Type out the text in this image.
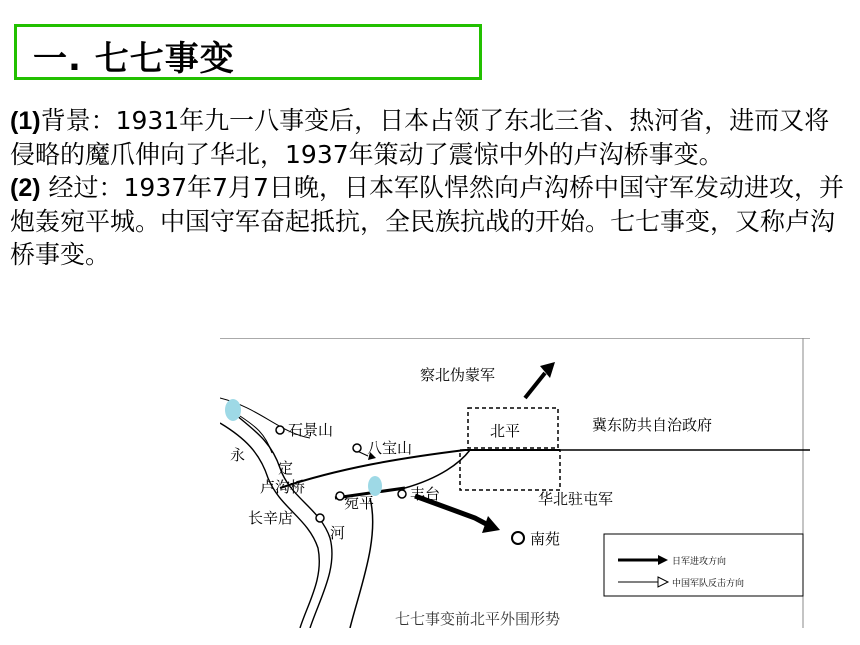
一. 七七事变
(1)背景：1931年九一八事变后，日本占领了东北三省、热河省，进而又将侵略的魔爪伸向了华北，1937年策动了震惊中外的卢沟桥事变。
(2) 经过：1937年7月7日晚，日本军队悍然向卢沟桥中国守军发动进攻，并炮轰宛平城。中国守军奋起抵抗，全民族抗战的开始。七七事变，又称卢沟桥事变。
察北伪蒙军
北平	冀东防共自治政府
石景山
八宝山
永
定
卢沟桥
宛平 丰台	华北驻屯军
长辛店
河	南苑
日军进攻方向
中国军队反击方向
七七事变前北平外围形势
